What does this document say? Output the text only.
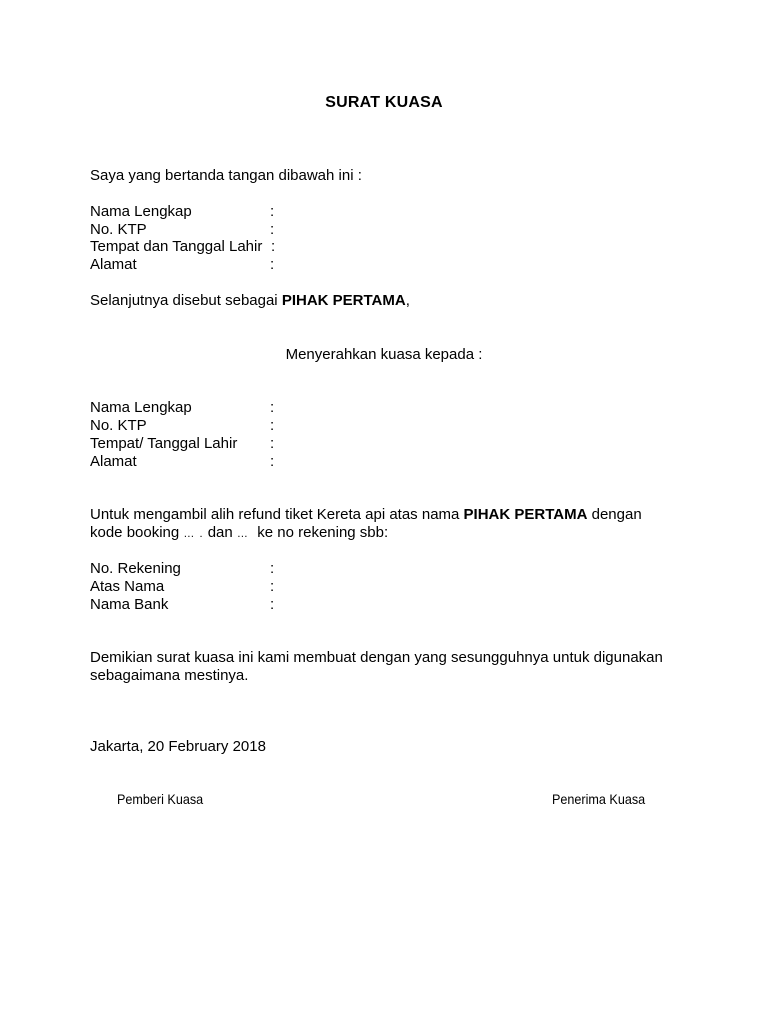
SURAT KUASA
Saya yang bertanda tangan dibawah ini :
Nama Lengkap	:
No. KTP	:
Tempat dan Tanggal Lahir :
Alamat	:
Selanjutnya disebut sebagai PIHAK PERTAMA,
Menyerahkan kuasa kepada :
Nama Lengkap	:
No. KTP	:
Tempat/ Tanggal Lahir :
Alamat	:
Untuk mengambil alih refund tiket Kereta api atas nama PIHAK PERTAMA dengan
kode booking … . dan …  ke no rekening sbb:
No. Rekening	:
Atas Nama	:
Nama Bank	:
Demikian surat kuasa ini kami membuat dengan yang sesungguhnya untuk digunakan
sebagaimana mestinya.
Jakarta, 20 February 2018
Pemberi Kuasa	Penerima Kuasa
